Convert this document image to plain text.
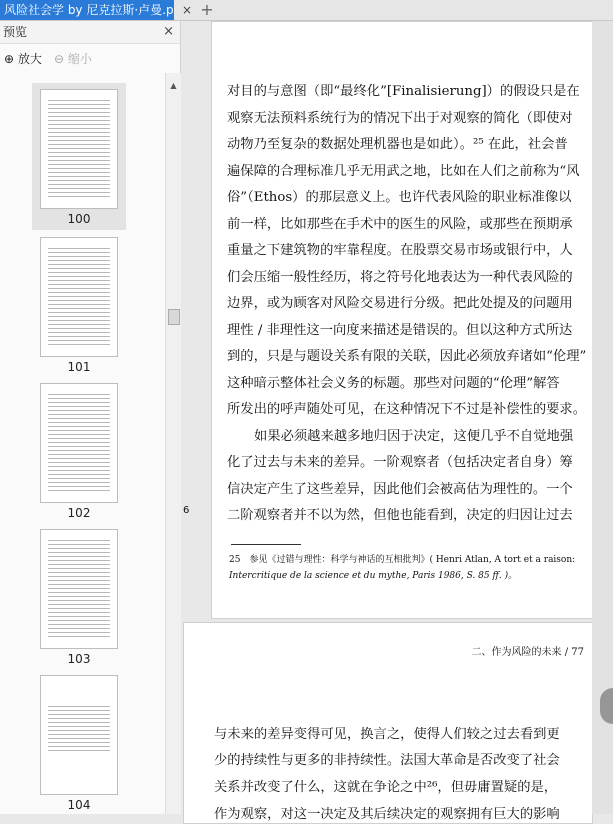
风险社会学 by 尼克拉斯·卢曼.p × +
预览	×
⊕ 放大 ⊖ 缩小
100
101
102
103
104
▲	对目的与意图（即“最终化”[Finalisierung]）的假设只是在
观察无法预料系统行为的情况下出于对观察的简化（即使对
动物乃至复杂的数据处理机器也是如此）。²⁵ 在此，社会普
遍保障的合理标准几乎无用武之地，比如在人们之前称为“风
俗”（Ethos）的那层意义上。也许代表风险的职业标准像以
前一样，比如那些在手术中的医生的风险，或那些在预期承
重量之下建筑物的牢靠程度。在股票交易市场或银行中，人
们会压缩一般性经历，将之符号化地表达为一种代表风险的
边界，或为顾客对风险交易进行分级。把此处提及的问题用
理性 / 非理性这一向度来描述是错误的。但以这种方式所达
到的，只是与题设关系有限的关联，因此必须放弃诸如“伦理”
这种暗示整体社会义务的标题。那些对问题的“伦理”解答
所发出的呼声随处可见，在这种情况下不过是补偿性的要求。
如果必须越来越多地归因于决定，这便几乎不自觉地强
化了过去与未来的差异。一阶观察者（包括决定者自身）筹
信决定产生了这些差异，因此他们会被高估为理性的。一个
二阶观察者并不以为然，但他也能看到，决定的归因让过去
25　参见《过错与理性：科学与神话的互相批判》( Henri Atlan, A tort et a raison:
Intercritique de la science et du mythe, Paris 1986, S. 85 ff. )。
6
二、作为风险的未来 / 77
与未来的差异变得可见，换言之，使得人们较之过去看到更
少的持续性与更多的非持续性。法国大革命是否改变了社会
关系并改变了什么，这就在争论之中²⁶，但毋庸置疑的是，
作为观察，对这一决定及其后续决定的观察拥有巨大的影响
